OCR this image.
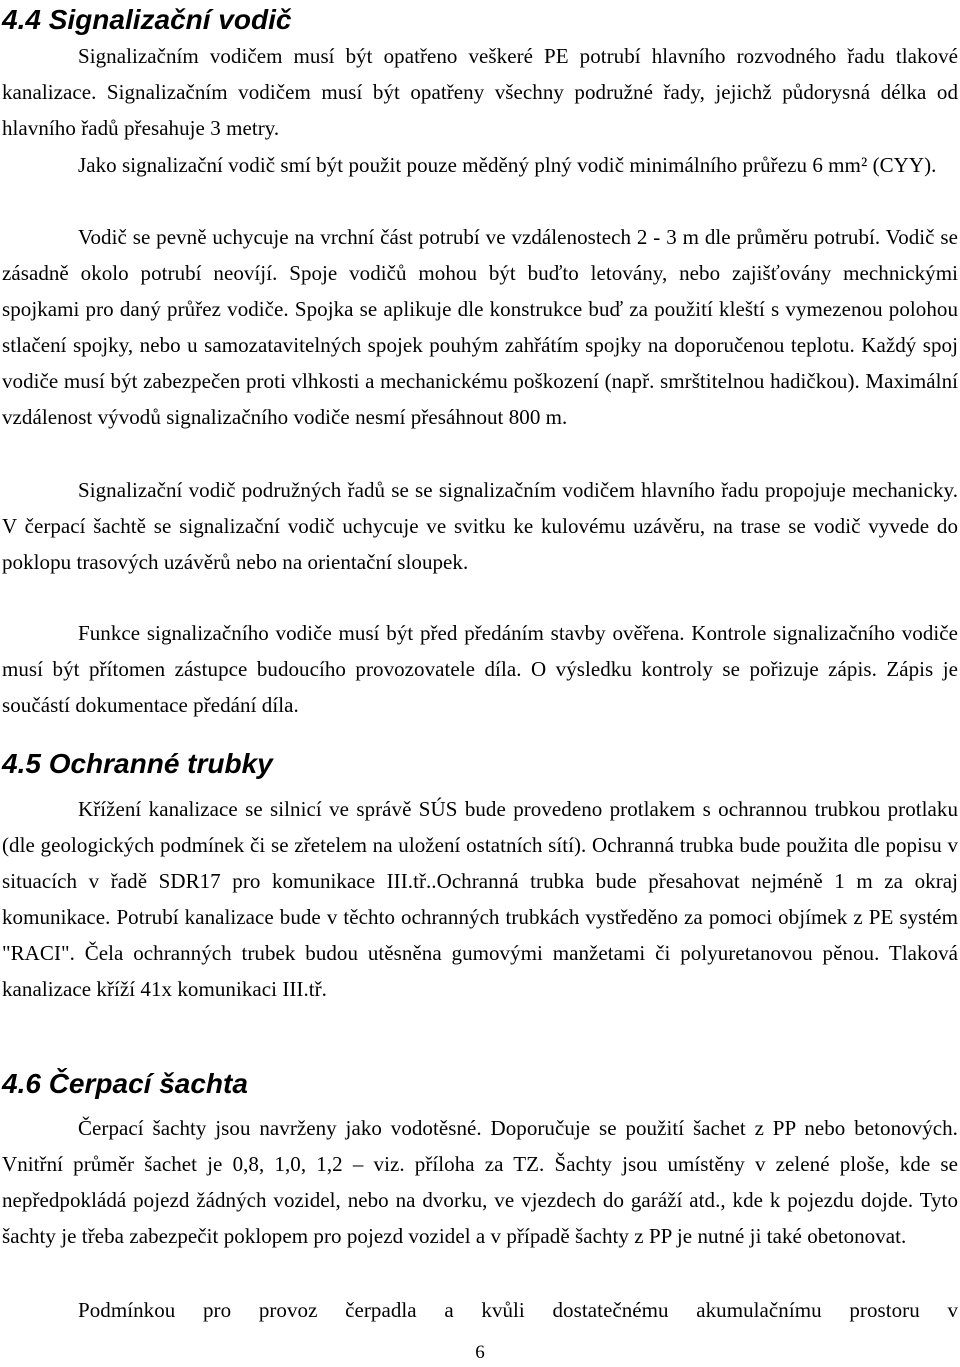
4.4 Signalizační vodič

Signalizačním vodičem musí být opatřeno veškeré PE potrubí hlavního rozvodného řadu tlakové kanalizace. Signalizačním vodičem musí být opatřeny všechny podružné řady, jejichž půdorysná délka od hlavního řadů přesahuje 3 metry.

Jako signalizační vodič smí být použit pouze měděný plný vodič minimálního průřezu 6 mm² (CYY).

Vodič se pevně uchycuje na vrchní část potrubí ve vzdálenostech 2 - 3 m dle průměru potrubí. Vodič se zásadně okolo potrubí neovíjí. Spoje vodičů mohou být buďto letovány, nebo zajišťovány mechnickými spojkami pro daný průřez vodiče. Spojka se aplikuje dle konstrukce buď za použití kleští s vymezenou polohou stlačení spojky, nebo u samozatavitelných spojek pouhým zahřátím spojky na doporučenou teplotu. Každý spoj vodiče musí být zabezpečen proti vlhkosti a mechanickému poškození (např. smrštitelnou hadičkou). Maximální vzdálenost vývodů signalizačního vodiče nesmí přesáhnout 800 m.

Signalizační vodič podružných řadů se se signalizačním vodičem hlavního řadu propojuje mechanicky. V čerpací šachtě se signalizační vodič uchycuje ve svitku ke kulovému uzávěru, na trase se vodič vyvede do poklopu trasových uzávěrů nebo na orientační sloupek.

Funkce signalizačního vodiče musí být před předáním stavby ověřena. Kontrole signalizačního vodiče musí být přítomen zástupce budoucího provozovatele díla. O výsledku kontroly se pořizuje zápis. Zápis je součástí dokumentace předání díla.

4.5 Ochranné trubky

Křížení kanalizace se silnicí ve správě SÚS bude provedeno protlakem s ochrannou trubkou protlaku (dle geologických podmínek či se zřetelem na uložení ostatních sítí). Ochranná trubka bude použita dle popisu v situacích v řadě SDR17 pro komunikace III.tř..Ochranná trubka bude přesahovat nejméně 1 m za okraj komunikace. Potrubí kanalizace bude v těchto ochranných trubkách vystředěno za pomoci objímek z PE systém "RACI". Čela ochranných trubek budou utěsněna gumovými manžetami či polyuretanovou pěnou. Tlaková kanalizace kříží 41x komunikaci III.tř.

4.6 Čerpací šachta

Čerpací šachty jsou navrženy jako vodotěsné. Doporučuje se použití šachet z PP nebo betonových. Vnitřní průměr šachet je 0,8, 1,0, 1,2 – viz. příloha za TZ. Šachty jsou umístěny v zelené ploše, kde se nepředpokládá pojezd žádných vozidel, nebo na dvorku, ve vjezdech do garáží atd., kde k pojezdu dojde. Tyto šachty je třeba zabezpečit poklopem pro pojezd vozidel a v případě šachty z PP je nutné ji také obetonovat.

Podmínkou pro provoz čerpadla a kvůli dostatečnému akumulačnímu prostoru v

6
